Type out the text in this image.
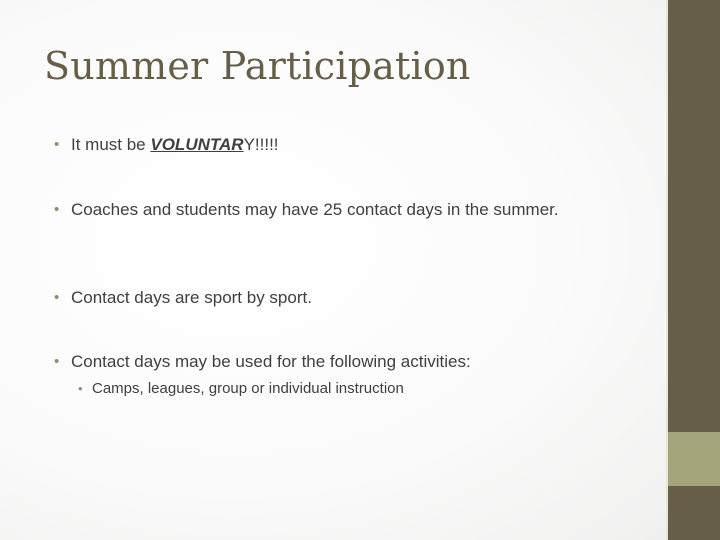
Summer Participation
• It must be VOLUNTARY!!!!!
• Coaches and students may have 25 contact days in the summer.
• Contact days are sport by sport.
• Contact days may be used for the following activities:
• Camps, leagues, group or individual instruction
